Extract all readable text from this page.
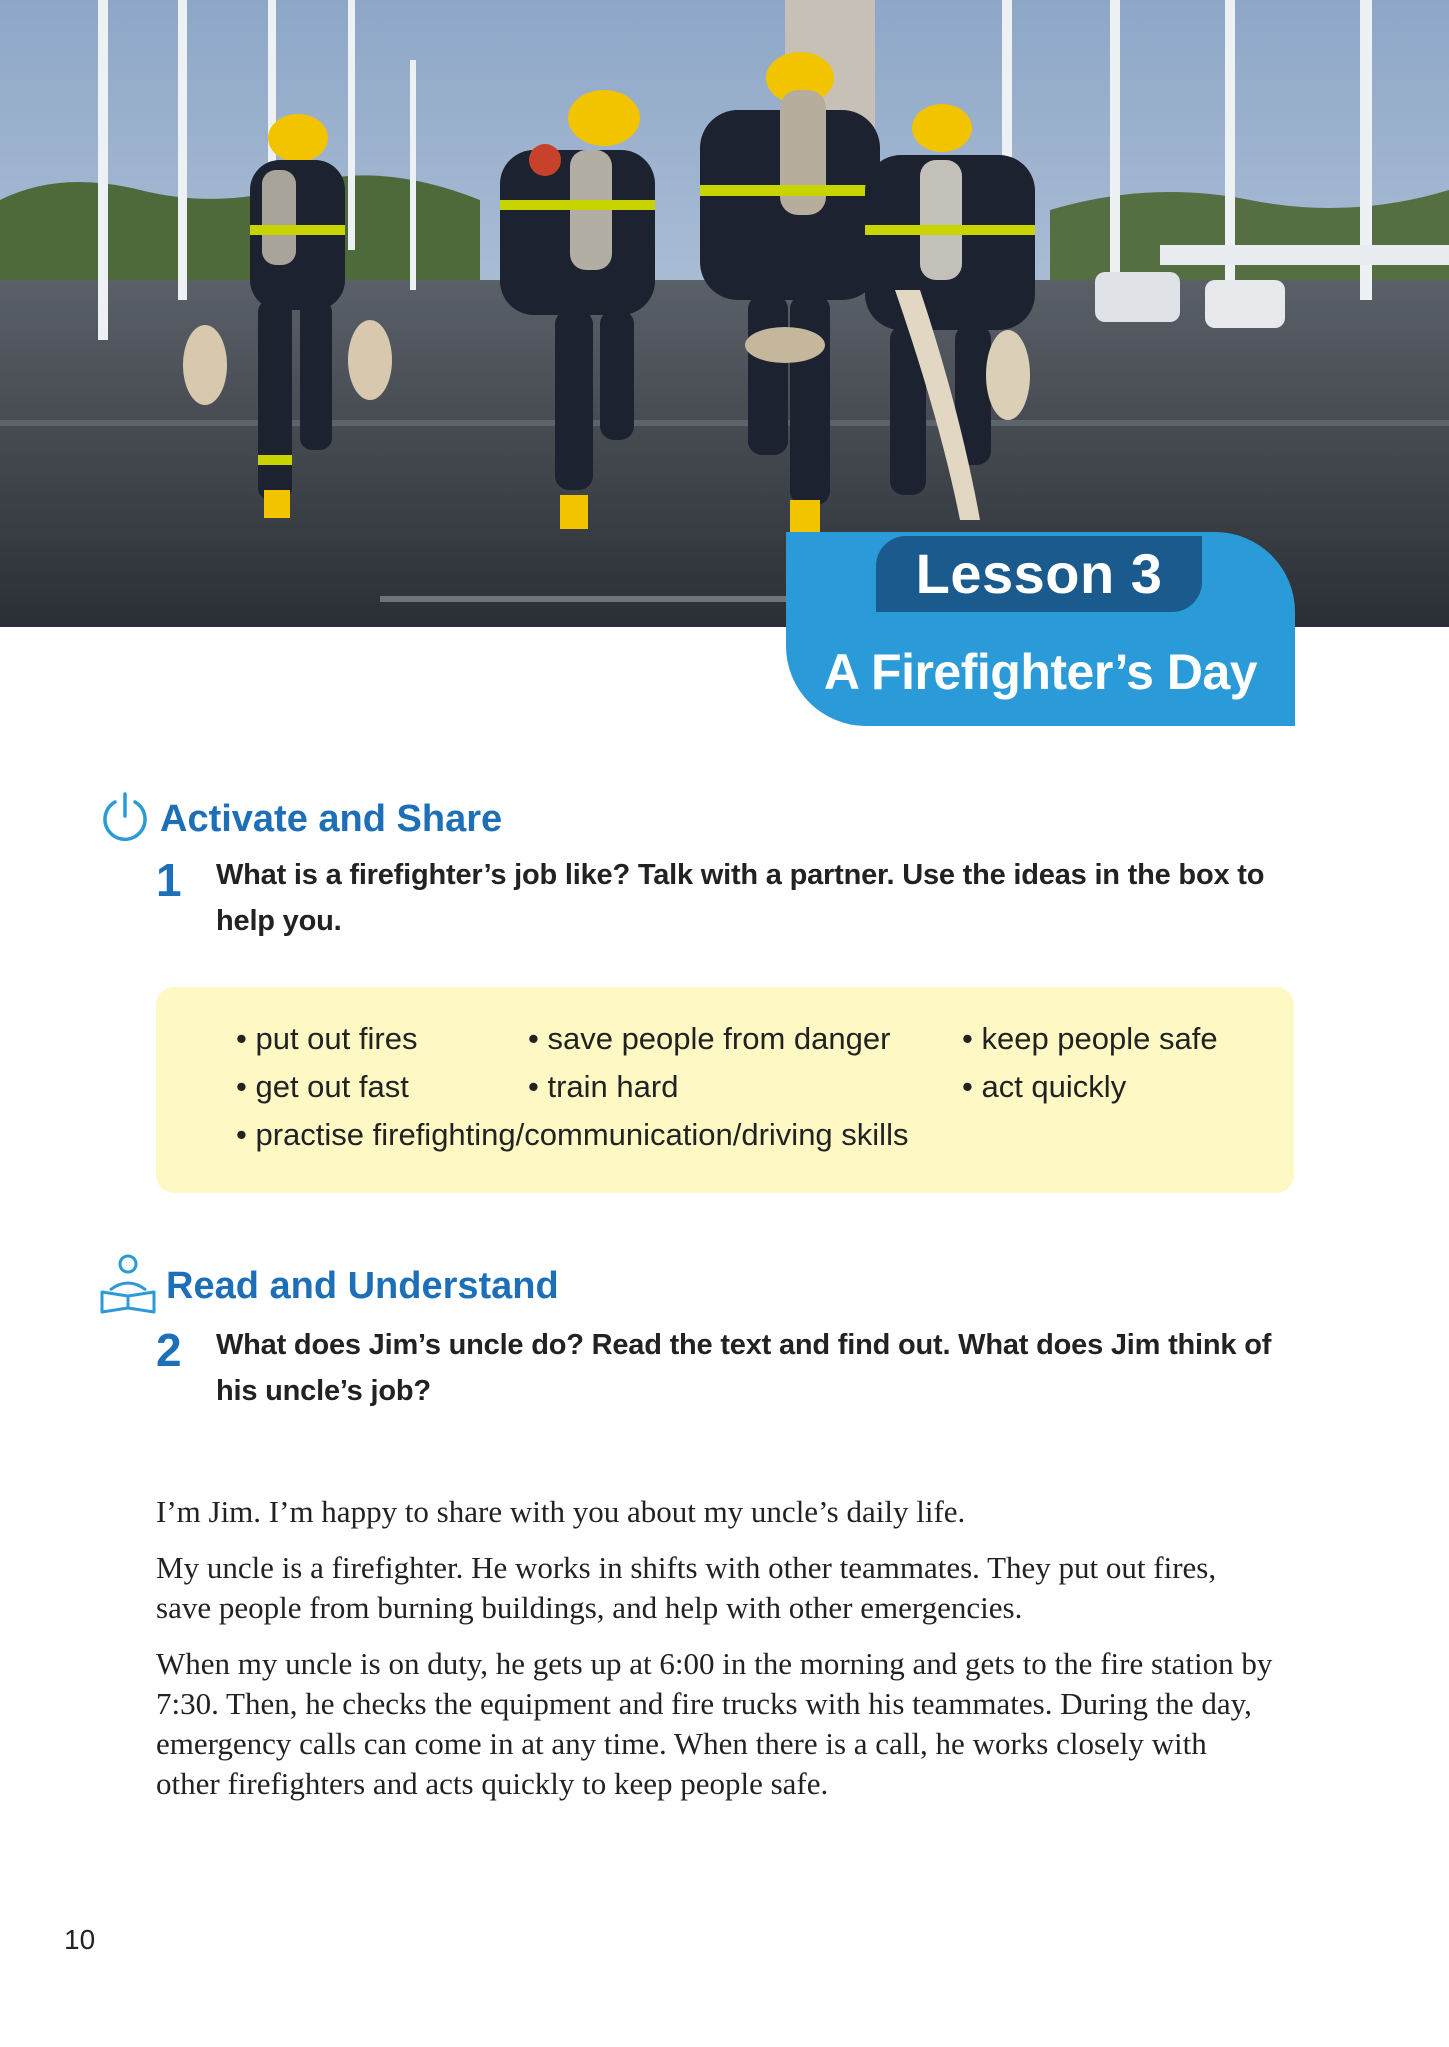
Lesson 3
A Firefighter’s Day
Activate and Share
1 What is a firefighter’s job like? Talk with a partner. Use the ideas in the box to help you.
• put out fires	• save people from danger	• keep people safe
• get out fast	• train hard	• act quickly
• practise firefighting/communication/driving skills
Read and Understand
2 What does Jim’s uncle do? Read the text and find out. What does Jim think of his uncle’s job?

I’m Jim. I’m happy to share with you about my uncle’s daily life.

My uncle is a firefighter. He works in shifts with other teammates. They put out fires, save people from burning buildings, and help with other emergencies.

When my uncle is on duty, he gets up at 6:00 in the morning and gets to the fire station by 7:30. Then, he checks the equipment and fire trucks with his teammates. During the day, emergency calls can come in at any time. When there is a call, he works closely with other firefighters and acts quickly to keep people safe.

10
